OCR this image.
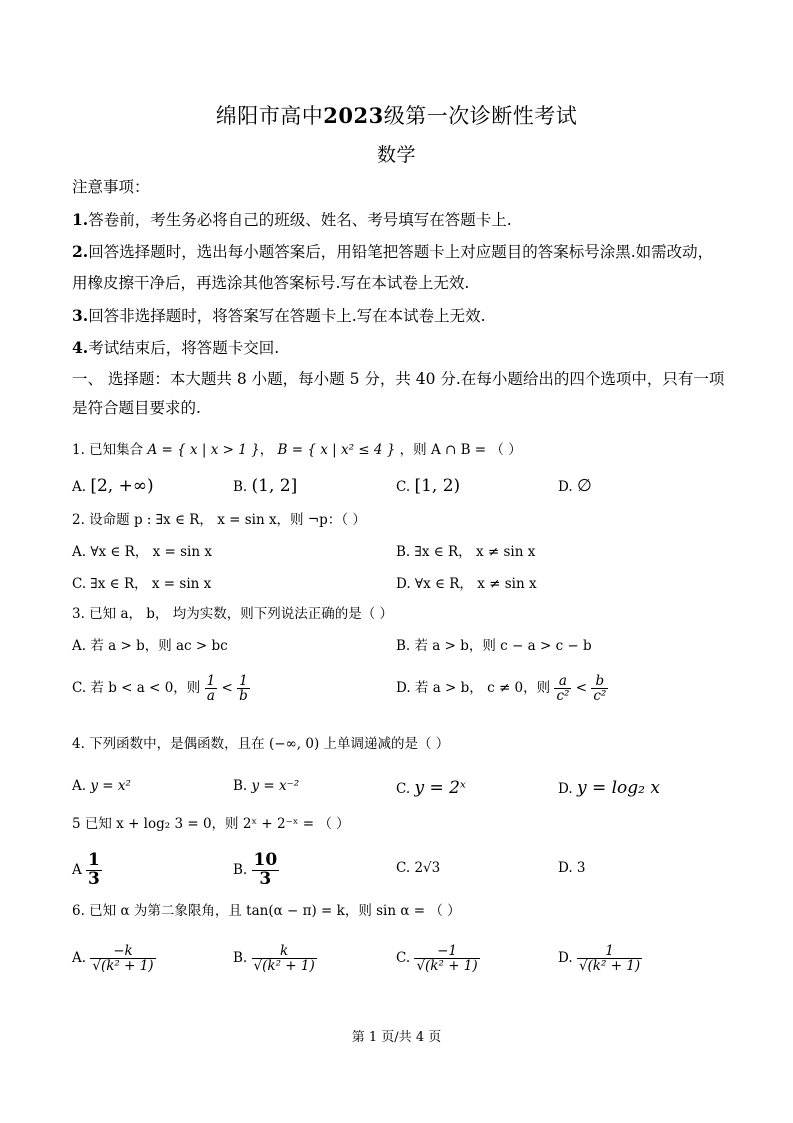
绵阳市高中2023级第一次诊断性考试
数学
注意事项：
1.答卷前，考生务必将自己的班级、姓名、考号填写在答题卡上.
2.回答选择题时，选出每小题答案后，用铅笔把答题卡上对应题目的答案标号涂黑.如需改动，
用橡皮擦干净后，再选涂其他答案标号.写在本试卷上无效.
3.回答非选择题时，将答案写在答题卡上.写在本试卷上无效.
4.考试结束后，将答题卡交回.
一、 选择题：本大题共 8 小题，每小题 5 分，共 40 分.在每小题给出的四个选项中，只有一项
是符合题目要求的.
1. 已知集合 A = { x | x > 1 }， B = { x | x² ≤ 4 } ，则 A ∩ B = （ ）
A. [2, +∞)	B. (1, 2]	C. [1, 2)	D. ∅
2. 设命题 p : ∃x ∈ R， x = sin x，则 ¬p：（ ）
A. ∀x ∈ R， x = sin x	B. ∃x ∈ R， x ≠ sin x
C. ∃x ∈ R， x = sin x	D. ∀x ∈ R， x ≠ sin x
3. 已知 a， b， 均为实数，则下列说法正确的是（ ）
A. 若 a > b，则 ac > bc	B. 若 a > b，则 c − a > c − b
C. 若 b < a < 0，则 $\frac{1}{a} < \frac{1}{b}$	D. 若 a > b， c ≠ 0，则 $\frac{a}{\text{c²}} < \frac{b}{\text{c²}}$
4. 下列函数中，是偶函数，且在 (−∞, 0) 上单调递减的是（ ）
A. y = x²	B. y = x⁻²	C. y = 2ˣ	D. y = log₂ x
5 已知 x + log₂ 3 = 0，则 2ˣ + 2⁻ˣ = （ ）
A $\frac{1}{3}$	B. $\frac{10}{3}$	C. 2√3	D. 3
6. 已知 α 为第二象限角，且 tan(α − π) = k，则 sin α = （ ）
A. $\frac{-k}{\text{√(k² + 1)}}$	B. $\frac{k}{\text{√(k² + 1)}}$	C. $\frac{-1}{\text{√(k² + 1)}}$	D. $\frac{1}{\text{√(k² + 1)}}$
第 1 页/共 4 页
